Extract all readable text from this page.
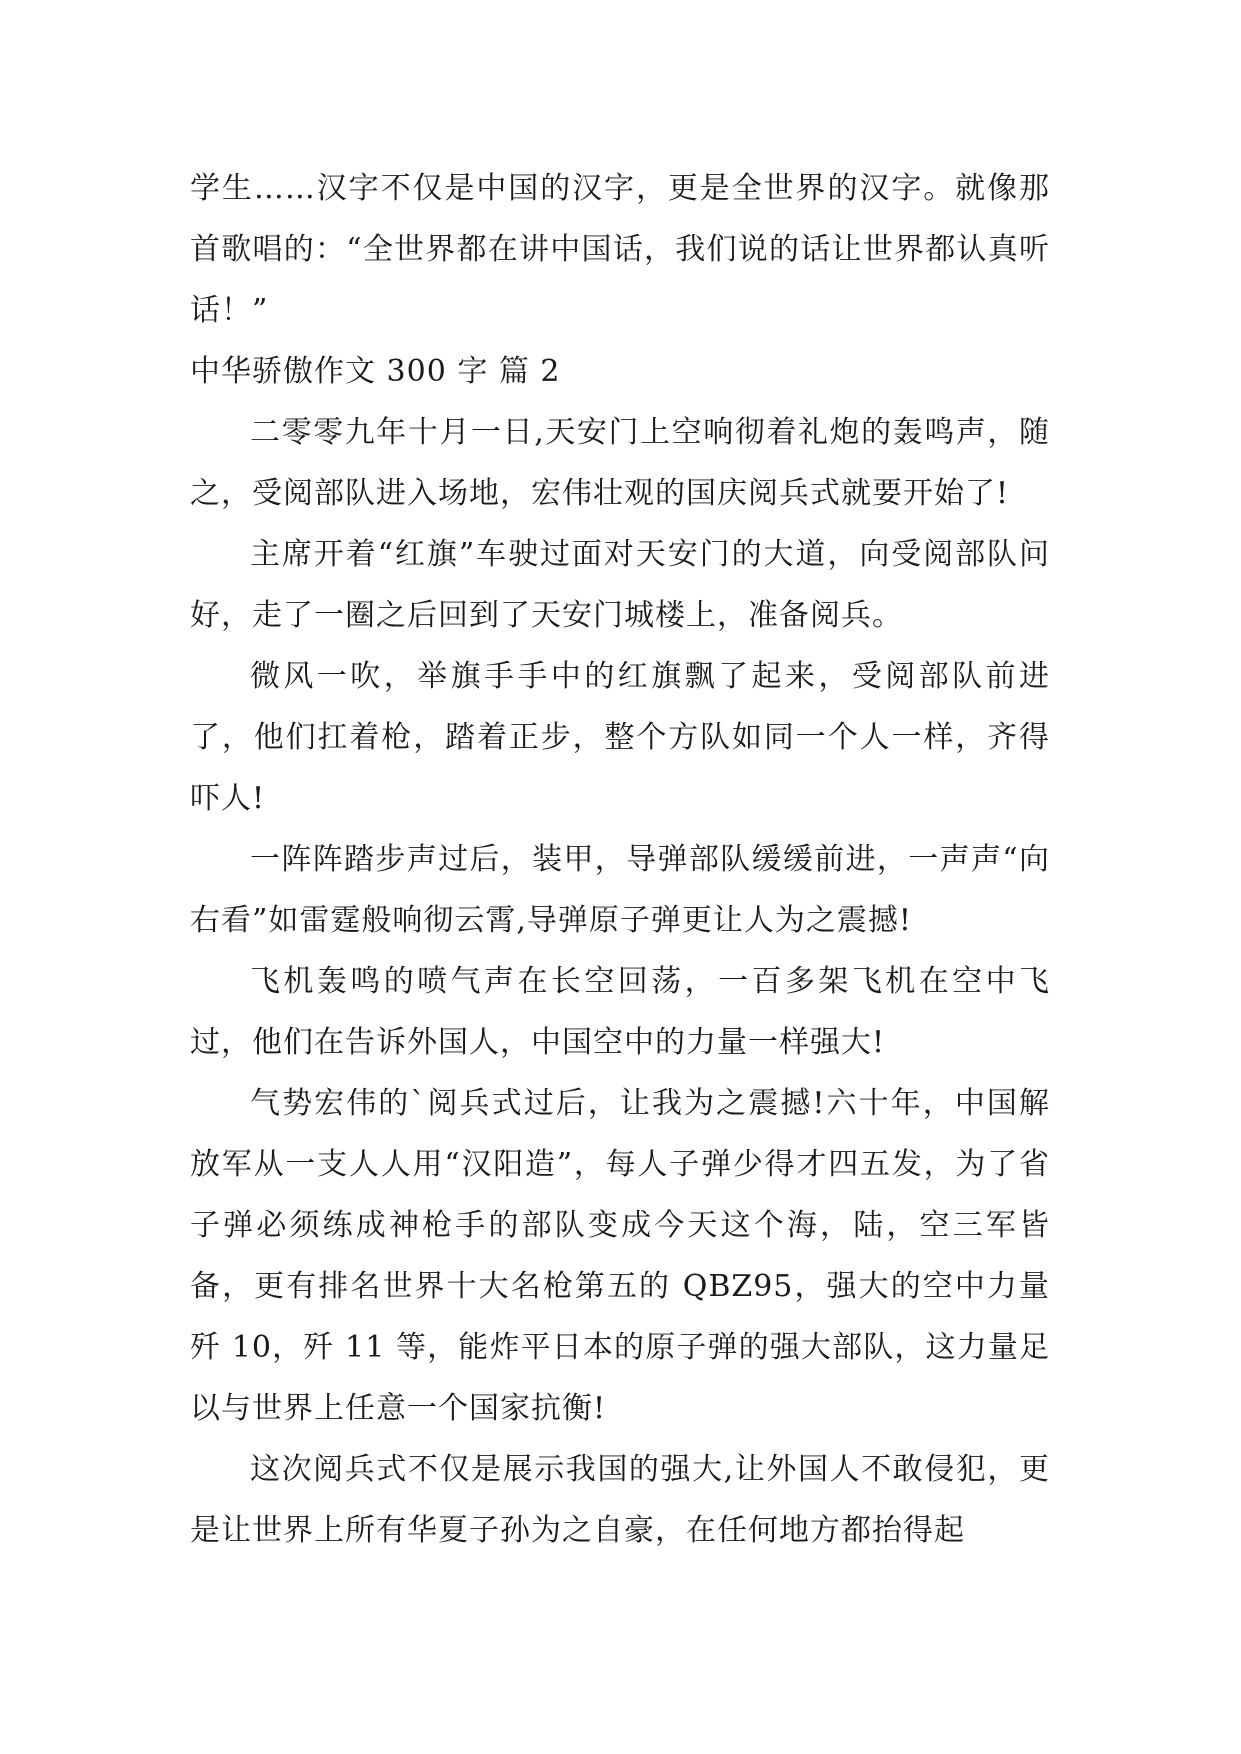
学生……汉字不仅是中国的汉字，更是全世界的汉字。就像那首歌唱的：“全世界都在讲中国话，我们说的话让世界都认真听话！”

中华骄傲作文 300 字 篇 2

二零零九年十月一日,天安门上空响彻着礼炮的轰鸣声，随之，受阅部队进入场地，宏伟壮观的国庆阅兵式就要开始了!

主席开着“红旗”车驶过面对天安门的大道，向受阅部队问好，走了一圈之后回到了天安门城楼上，准备阅兵。

微风一吹，举旗手手中的红旗飘了起来，受阅部队前进了，他们扛着枪，踏着正步，整个方队如同一个人一样，齐得吓人!

一阵阵踏步声过后，装甲，导弹部队缓缓前进，一声声“向右看”如雷霆般响彻云霄,导弹原子弹更让人为之震撼!

飞机轰鸣的喷气声在长空回荡，一百多架飞机在空中飞过，他们在告诉外国人，中国空中的力量一样强大!

气势宏伟的`阅兵式过后，让我为之震撼!六十年，中国解放军从一支人人用“汉阳造”，每人子弹少得才四五发，为了省子弹必须练成神枪手的部队变成今天这个海，陆，空三军皆备，更有排名世界十大名枪第五的 QBZ95，强大的空中力量歼 10，歼 11 等，能炸平日本的原子弹的强大部队，这力量足以与世界上任意一个国家抗衡!

这次阅兵式不仅是展示我国的强大,让外国人不敢侵犯，更是让世界上所有华夏子孙为之自豪，在任何地方都抬得起
